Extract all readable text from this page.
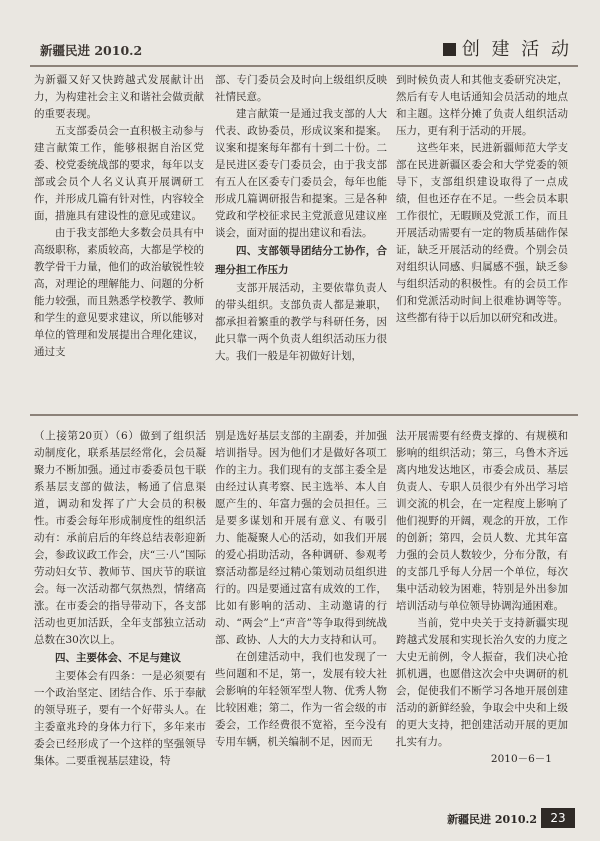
新疆民进 2010.2	创 建 活 动

为新疆又好又快跨越式发展献计出力，为构建社会主义和谐社会做贡献的重要表现。

五支部委员会一直积极主动参与建言献策工作，能够根据自治区党委、校党委统战部的要求，每年以支部或会员个人名义认真开展调研工作，并形成几篇有针对性，内容较全面，措施具有建设性的意见或建议。

由于我支部绝大多数会员具有中高级职称，素质较高，大都是学校的教学骨干力量，他们的政治敏锐性较高，对理论的理解能力、问题的分析能力较强，而且熟悉学校教学、教师和学生的意见要求建议，所以能够对单位的管理和发展提出合理化建议，通过支

部、专门委员会及时向上级组织反映社情民意。

建言献策一是通过我支部的人大代表、政协委员，形成议案和提案。议案和提案每年都有十到二十份。二是民进区委专门委员会，由于我支部有五人在区委专门委员会，每年也能形成几篇调研报告和提案。三是各种党政和学校征求民主党派意见建议座谈会，面对面的提出建议和看法。

四、支部领导团结分工协作，合理分担工作压力

支部开展活动，主要依靠负责人的带头组织。支部负责人都是兼职，都承担着繁重的教学与科研任务，因此只靠一两个负责人组织活动压力很大。我们一般是年初做好计划，

到时候负责人和其他支委研究决定，然后有专人电话通知会员活动的地点和主题。这样分摊了负责人组织活动压力，更有利于活动的开展。

这些年来，民进新疆师范大学支部在民进新疆区委会和大学党委的领导下，支部组织建设取得了一点成绩，但也还存在不足。一些会员本职工作很忙，无暇顾及党派工作，而且开展活动需要有一定的物质基础作保证，缺乏开展活动的经费。个别会员对组织认同感、归属感不强，缺乏参与组织活动的积极性。有的会员工作们和党派活动时间上很难协调等等。这些都有待于以后加以研究和改进。

（上接第20页）（6）做到了组织活动制度化，联系基层经常化，会员凝聚力不断加强。通过市委委员包干联系基层支部的做法，畅通了信息渠道，调动和发挥了广大会员的积极性。市委会每年形成制度性的组织活动有：承前启后的年终总结表彰迎新会，参政议政工作会，庆“三·八”国际劳动妇女节、教师节、国庆节的联谊会。每一次活动都气氛热烈，情绪高涨。在市委会的指导带动下，各支部活动也更加活跃，全年支部独立活动总数在30次以上。

四、主要体会、不足与建议

主要体会有四条：一是必须要有一个政治坚定、团结合作、乐于奉献的领导班子，要有一个好带头人。在主委童兆玲的身体力行下，多年来市委会已经形成了一个这样的坚强领导集体。二要重视基层建设，特

别是选好基层支部的主副委，并加强培训指导。因为他们才是做好各项工作的主力。我们现有的支部主委全是由经过认真考察、民主选举、本人自愿产生的、年富力强的会员担任。三是要多谋划和开展有意义、有吸引力、能凝聚人心的活动，如我们开展的爱心捐助活动，各种调研、参观考察活动都是经过精心策划动员组织进行的。四是要通过富有成效的工作，比如有影响的活动、主动邀请的行动、“两会”上“声音”等争取得到统战部、政协、人大的大力支持和认可。

在创建活动中，我们也发现了一些问题和不足，第一，发展有较大社会影响的年轻领军型人物、优秀人物比较困难；第二，作为一省会级的市委会，工作经费很不宽裕，至今没有专用车辆，机关编制不足，因而无

法开展需要有经费支撑的、有规模和影响的组织活动；第三，乌鲁木齐远离内地发达地区，市委会成员、基层负责人、专职人员很少有外出学习培训交流的机会，在一定程度上影响了他们视野的开阔，观念的开放，工作的创新；第四，会员人数、尤其年富力强的会员人数较少，分布分散，有的支部几乎每人分居一个单位，每次集中活动较为困难，特别是外出参加培训活动与单位领导协调沟通困难。

当前，党中央关于支持新疆实现跨越式发展和实现长治久安的力度之大史无前例，令人振奋，我们决心抢抓机遇，也愿借这次会中央调研的机会，促使我们不断学习各地开展创建活动的新鲜经验，争取会中央和上级的更大支持，把创建活动开展的更加扎实有力。

2010－6－1

新疆民进 2010.2	23
